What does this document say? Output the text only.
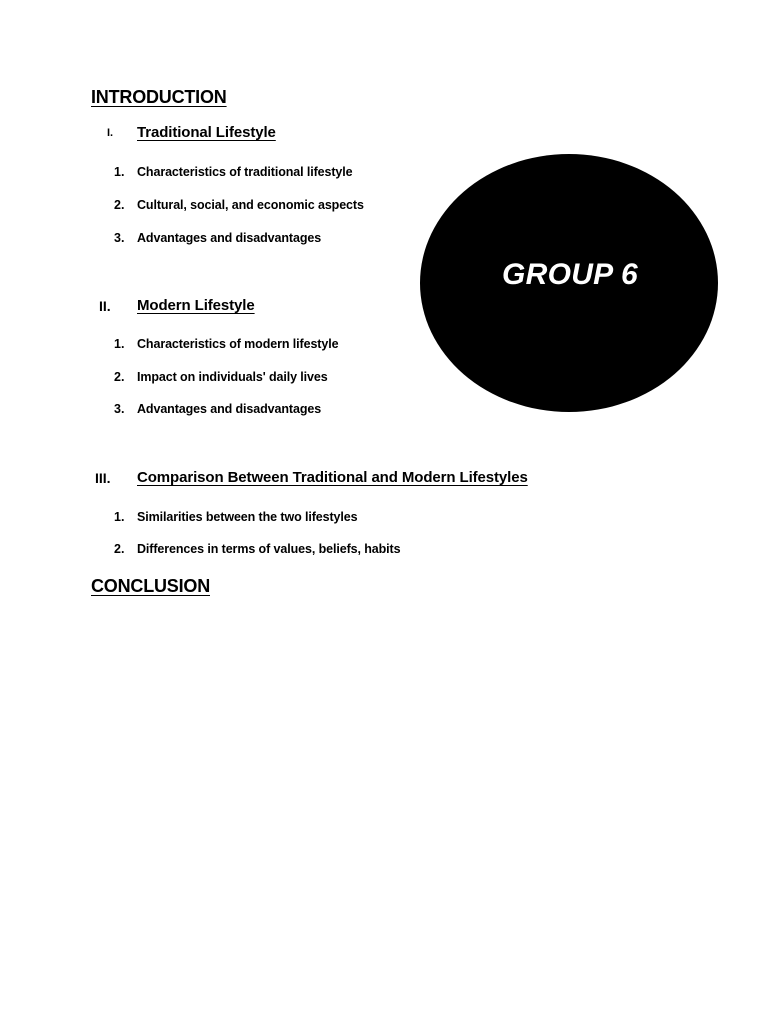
INTRODUCTION
I. Traditional Lifestyle
1. Characteristics of traditional lifestyle
2. Cultural, social, and economic aspects
3. Advantages and disadvantages
II. Modern Lifestyle
1. Characteristics of modern lifestyle
2. Impact on individuals' daily lives
3. Advantages and disadvantages
III. Comparison Between Traditional and Modern Lifestyles
1. Similarities between the two lifestyles
2. Differences in terms of values, beliefs, habits
CONCLUSION
GROUP 6
